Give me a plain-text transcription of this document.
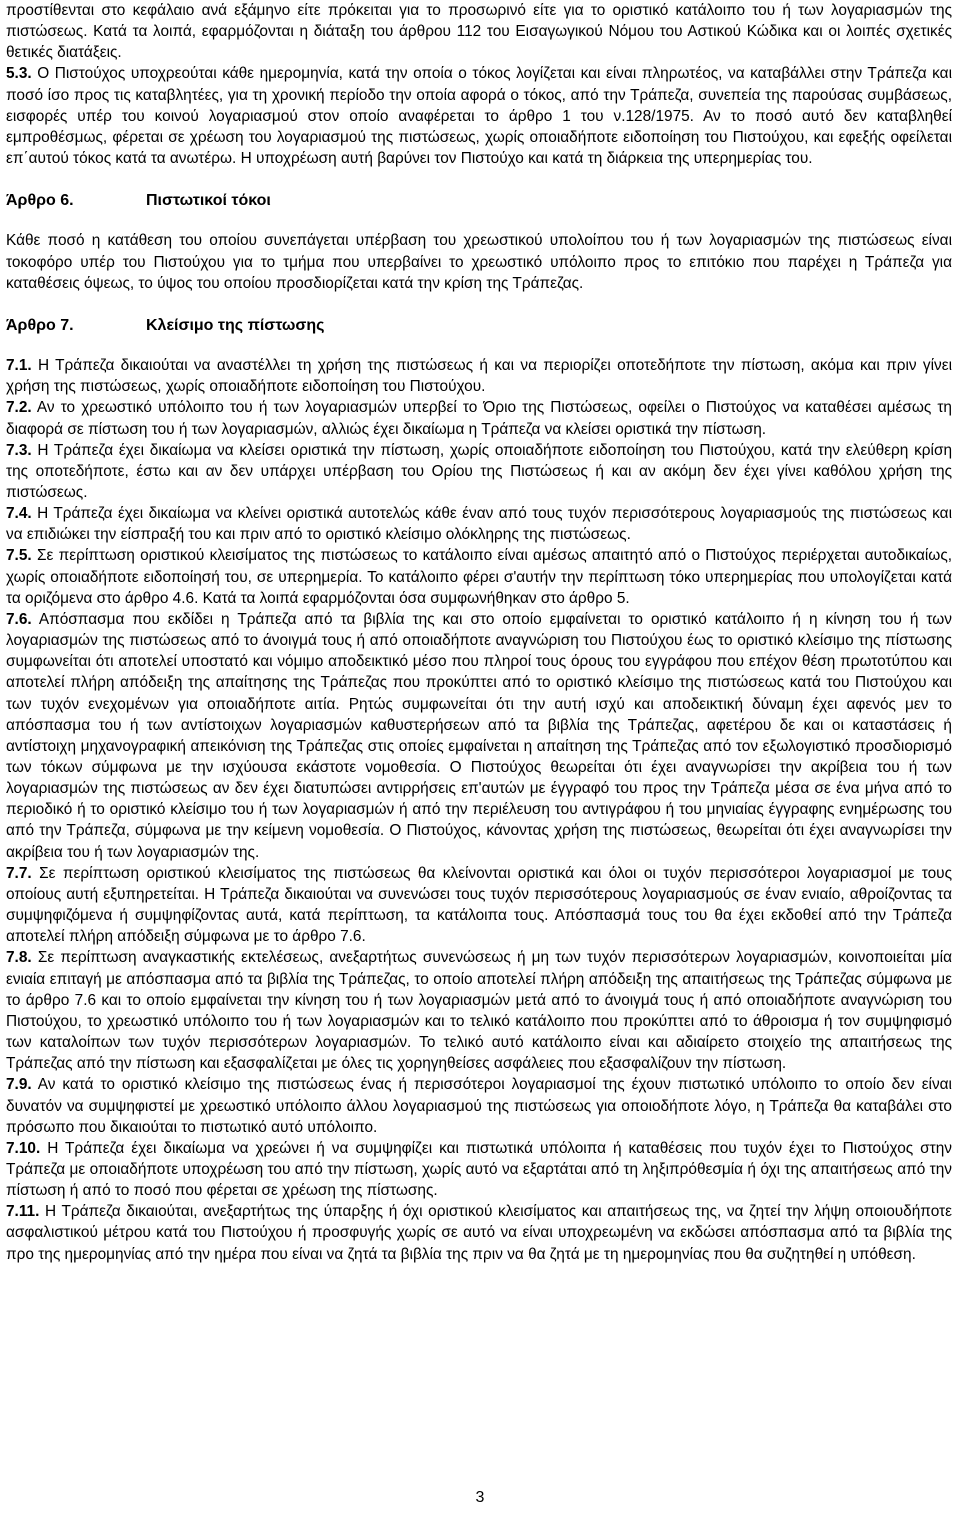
προστίθενται στο κεφάλαιο ανά εξάμηνο είτε πρόκειται για το προσωρινό είτε για το οριστικό κατάλοιπο του ή των λογαριασμών της πιστώσεως. Κατά τα λοιπά, εφαρμόζονται η διάταξη του άρθρου 112 του Εισαγωγικού Νόμου του Αστικού Κώδικα και οι λοιπές σχετικές θετικές διατάξεις.

5.3. Ο Πιστούχος υποχρεούται κάθε ημερομηνία, κατά την οποία ο τόκος λογίζεται και είναι πληρωτέος, να καταβάλλει στην Τράπεζα και ποσό ίσο προς τις καταβλητέες, για τη χρονική περίοδο την οποία αφορά ο τόκος, από την Τράπεζα, συνεπεία της παρούσας συμβάσεως, εισφορές υπέρ του κοινού λογαριασμού στον οποίο αναφέρεται το άρθρο 1 του ν.128/1975. Αν το ποσό αυτό δεν καταβληθεί εμπροθέσμως, φέρεται σε χρέωση του λογαριασμού της πιστώσεως, χωρίς οποιαδήποτε ειδοποίηση του Πιστούχου, και εφεξής οφείλεται επ΄αυτού τόκος κατά τα ανωτέρω. Η υποχρέωση αυτή βαρύνει τον Πιστούχο και κατά τη διάρκεια της υπερημερίας του.

Άρθρο 6.	Πιστωτικοί τόκοι

Κάθε ποσό η κατάθεση του οποίου συνεπάγεται υπέρβαση του χρεωστικού υπολοίπου του ή των λογαριασμών της πιστώσεως είναι τοκοφόρο υπέρ του Πιστούχου για το τμήμα που υπερβαίνει το χρεωστικό υπόλοιπο προς το επιτόκιο που παρέχει η Τράπεζα για καταθέσεις όψεως, το ύψος του οποίου προσδιορίζεται κατά την κρίση της Τράπεζας.

Άρθρο 7.	Κλείσιμο της πίστωσης

7.1. Η Τράπεζα δικαιούται να αναστέλλει τη χρήση της πιστώσεως ή και να περιορίζει οποτεδήποτε την πίστωση, ακόμα και πριν γίνει χρήση της πιστώσεως, χωρίς οποιαδήποτε ειδοποίηση του Πιστούχου.

7.2. Αν το χρεωστικό υπόλοιπο του ή των λογαριασμών υπερβεί το Όριο της Πιστώσεως, οφείλει ο Πιστούχος να καταθέσει αμέσως τη διαφορά σε πίστωση του ή των λογαριασμών, αλλιώς έχει δικαίωμα η Τράπεζα να κλείσει οριστικά την πίστωση.

7.3. Η Τράπεζα έχει δικαίωμα να κλείσει οριστικά την πίστωση, χωρίς οποιαδήποτε ειδοποίηση του Πιστούχου, κατά την ελεύθερη κρίση της οποτεδήποτε, έστω και αν δεν υπάρχει υπέρβαση του Ορίου της Πιστώσεως ή και αν ακόμη δεν έχει γίνει καθόλου χρήση της πιστώσεως.

7.4. Η Τράπεζα έχει δικαίωμα να κλείνει οριστικά αυτοτελώς κάθε έναν από τους τυχόν περισσότερους λογαριασμούς της πιστώσεως και να επιδιώκει την είσπραξή του και πριν από το οριστικό κλείσιμο ολόκληρης της πιστώσεως.

7.5. Σε περίπτωση οριστικού κλεισίματος της πιστώσεως το κατάλοιπο είναι αμέσως απαιτητό από ο Πιστούχος περιέρχεται αυτοδικαίως, χωρίς οποιαδήποτε ειδοποίησή του, σε υπερημερία. Το κατάλοιπο φέρει σ'αυτήν την περίπτωση τόκο υπερημερίας που υπολογίζεται κατά τα οριζόμενα στο άρθρο 4.6. Κατά τα λοιπά εφαρμόζονται όσα συμφωνήθηκαν στο άρθρο 5.

7.6. Απόσπασμα που εκδίδει η Τράπεζα από τα βιβλία της και στο οποίο εμφαίνεται το οριστικό κατάλοιπο ή η κίνηση του ή των λογαριασμών της πιστώσεως από το άνοιγμά τους ή από οποιαδήποτε αναγνώριση του Πιστούχου έως το οριστικό κλείσιμο της πίστωσης συμφωνείται ότι αποτελεί υποστατό και νόμιμο αποδεικτικό μέσο που πληροί τους όρους του εγγράφου που επέχον θέση πρωτοτύπου και αποτελεί πλήρη απόδειξη της απαίτησης της Τράπεζας που προκύπτει από το οριστικό κλείσιμο της πιστώσεως κατά του Πιστούχου και των τυχόν ενεχομένων για οποιαδήποτε αιτία. Ρητώς συμφωνείται ότι την αυτή ισχύ και αποδεικτική δύναμη έχει αφενός μεν το απόσπασμα του ή των αντίστοιχων λογαριασμών καθυστερήσεων από τα βιβλία της Τράπεζας, αφετέρου δε και οι καταστάσεις ή αντίστοιχη μηχανογραφική απεικόνιση της Τράπεζας στις οποίες εμφαίνεται η απαίτηση της Τράπεζας από τον εξωλογιστικό προσδιορισμό των τόκων σύμφωνα με την ισχύουσα εκάστοτε νομοθεσία. Ο Πιστούχος θεωρείται ότι έχει αναγνωρίσει την ακρίβεια του ή των λογαριασμών της πιστώσεως αν δεν έχει διατυπώσει αντιρρήσεις επ'αυτών με έγγραφό του προς την Τράπεζα μέσα σε ένα μήνα από το περιοδικό ή το οριστικό κλείσιμο του ή των λογαριασμών ή από την περιέλευση του αντιγράφου ή του μηνιαίας έγγραφης ενημέρωσης του από την Τράπεζα, σύμφωνα με την κείμενη νομοθεσία. Ο Πιστούχος, κάνοντας χρήση της πιστώσεως, θεωρείται ότι έχει αναγνωρίσει την ακρίβεια του ή των λογαριασμών της.

7.7. Σε περίπτωση οριστικού κλεισίματος της πιστώσεως θα κλείνονται οριστικά και όλοι οι τυχόν περισσότεροι λογαριασμοί με τους οποίους αυτή εξυπηρετείται. Η Τράπεζα δικαιούται να συνενώσει τους τυχόν περισσότερους λογαριασμούς σε έναν ενιαίο, αθροίζοντας τα συμψηφιζόμενα ή συμψηφίζοντας αυτά, κατά περίπτωση, τα κατάλοιπα τους. Απόσπασμά τους του θα έχει εκδοθεί από την Τράπεζα αποτελεί πλήρη απόδειξη σύμφωνα με το άρθρο 7.6.

7.8. Σε περίπτωση αναγκαστικής εκτελέσεως, ανεξαρτήτως συνενώσεως ή μη των τυχόν περισσότερων λογαριασμών, κοινοποιείται μία ενιαία επιταγή με απόσπασμα από τα βιβλία της Τράπεζας, το οποίο αποτελεί πλήρη απόδειξη της απαιτήσεως της Τράπεζας σύμφωνα με το άρθρο 7.6 και το οποίο εμφαίνεται την κίνηση του ή των λογαριασμών μετά από το άνοιγμά τους ή από οποιαδήποτε αναγνώριση του Πιστούχου, το χρεωστικό υπόλοιπο του ή των λογαριασμών και το τελικό κατάλοιπο που προκύπτει από το άθροισμα ή τον συμψηφισμό των καταλοίπων των τυχόν περισσότερων λογαριασμών. Το τελικό αυτό κατάλοιπο είναι και αδιαίρετο στοιχείο της απαιτήσεως της Τράπεζας από την πίστωση και εξασφαλίζεται με όλες τις χορηγηθείσες ασφάλειες που εξασφαλίζουν την πίστωση.

7.9. Αν κατά το οριστικό κλείσιμο της πιστώσεως ένας ή περισσότεροι λογαριασμοί της έχουν πιστωτικό υπόλοιπο το οποίο δεν είναι δυνατόν να συμψηφιστεί με χρεωστικό υπόλοιπο άλλου λογαριασμού της πιστώσεως για οποιοδήποτε λόγο, η Τράπεζα θα καταβάλει στο πρόσωπο που δικαιούται το πιστωτικό αυτό υπόλοιπο.

7.10. Η Τράπεζα έχει δικαίωμα να χρεώνει ή να συμψηφίζει και πιστωτικά υπόλοιπα ή καταθέσεις που τυχόν έχει το Πιστούχος στην Τράπεζα με οποιαδήποτε υποχρέωση του από την πίστωση, χωρίς αυτό να εξαρτάται από τη ληξιπρόθεσμία ή όχι της απαιτήσεως από την πίστωση ή από το ποσό που φέρεται σε χρέωση της πίστωσης.

7.11. Η Τράπεζα δικαιούται, ανεξαρτήτως της ύπαρξης ή όχι οριστικού κλεισίματος και απαιτήσεως της, να ζητεί την λήψη οποιουδήποτε ασφαλιστικού μέτρου κατά του Πιστούχου ή προσφυγής χωρίς σε αυτό να είναι υποχρεωμένη να εκδώσει απόσπασμα από τα βιβλία της προ της ημερομηνίας από την ημέρα που είναι να ζητά τα βιβλία της πριν να θα ζητά με τη ημερομηνίας που θα συζητηθεί η υπόθεση.

3
